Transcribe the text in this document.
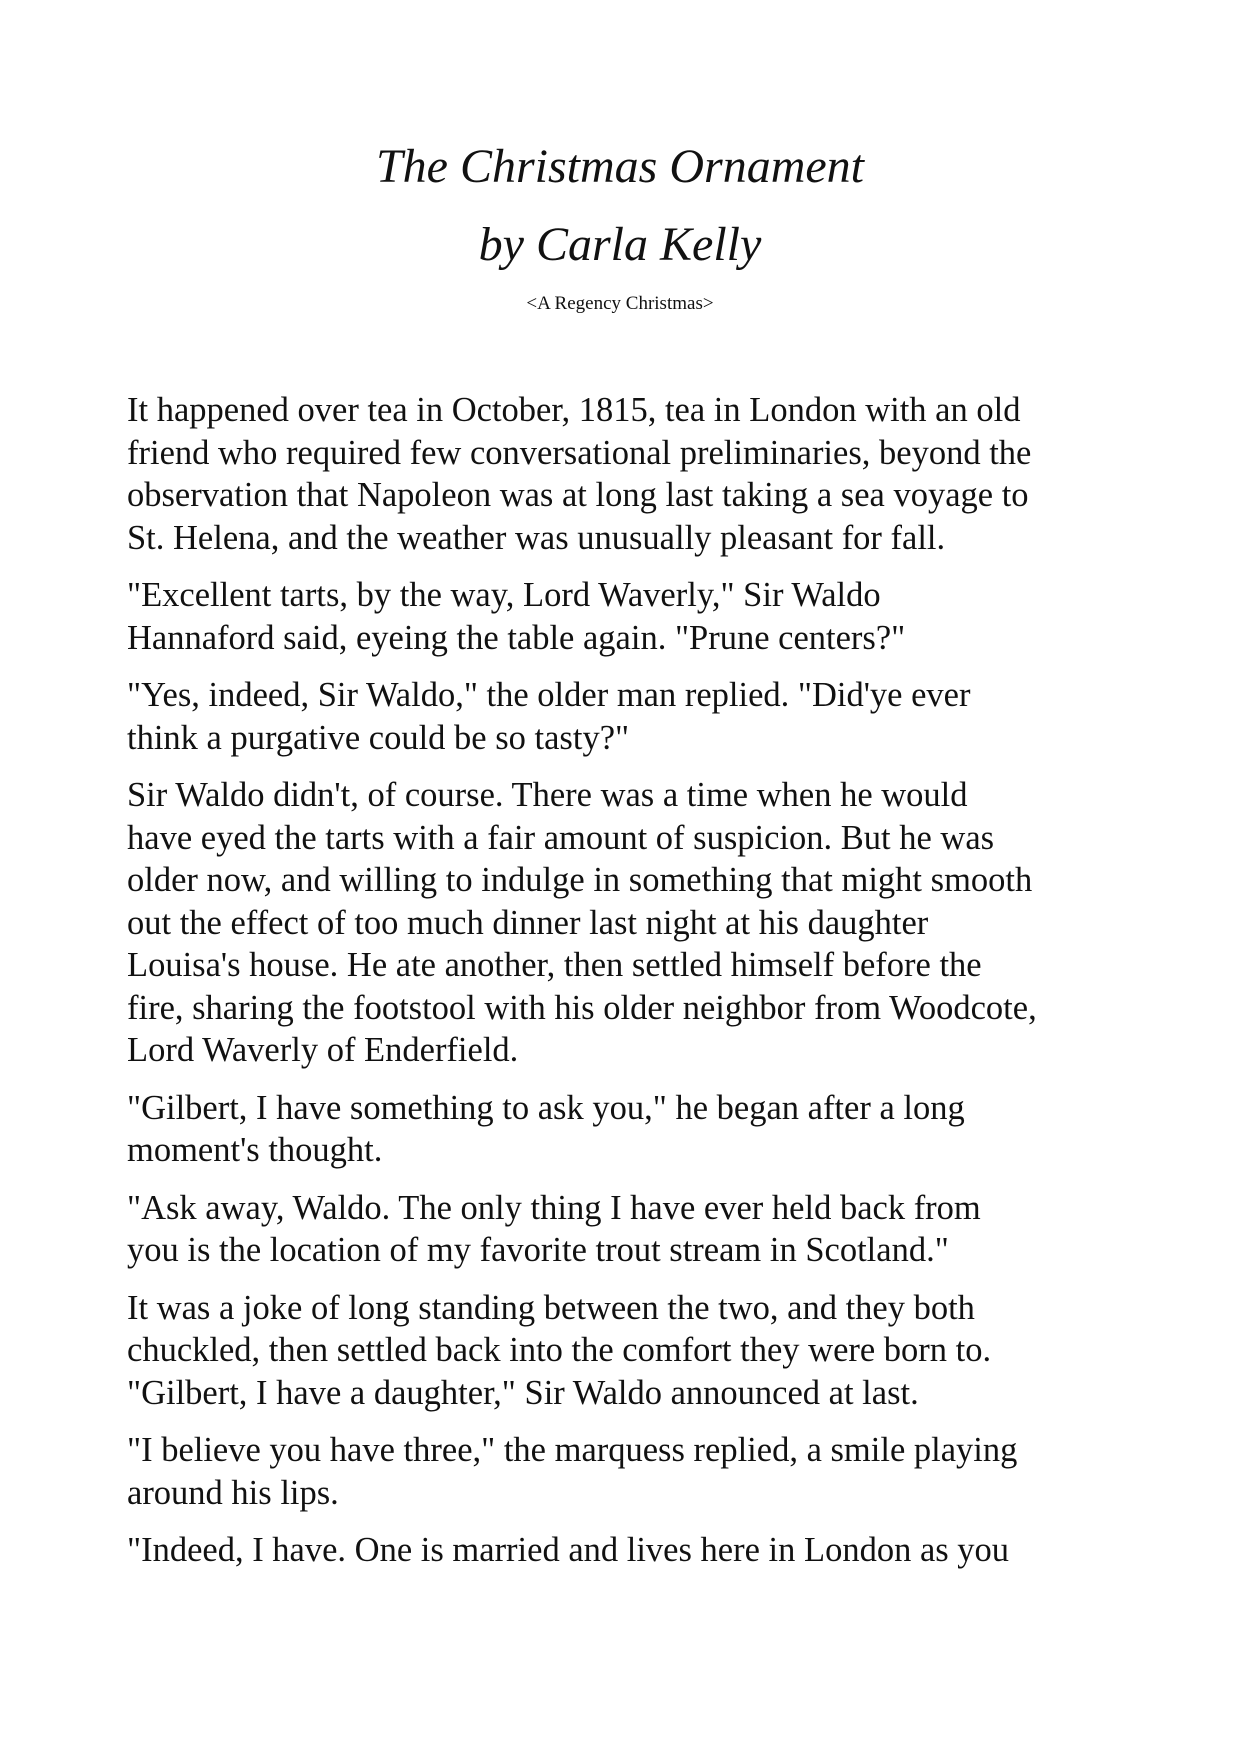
The Christmas Ornament
by Carla Kelly
<A Regency Christmas>

It happened over tea in October, 1815, tea in London with an old
friend who required few conversational preliminaries, beyond the
observation that Napoleon was at long last taking a sea voyage to
St. Helena, and the weather was unusually pleasant for fall.

"Excellent tarts, by the way, Lord Waverly," Sir Waldo
Hannaford said, eyeing the table again. "Prune centers?"

"Yes, indeed, Sir Waldo," the older man replied. "Did'ye ever
think a purgative could be so tasty?"

Sir Waldo didn't, of course. There was a time when he would
have eyed the tarts with a fair amount of suspicion. But he was
older now, and willing to indulge in something that might smooth
out the effect of too much dinner last night at his daughter
Louisa's house. He ate another, then settled himself before the
fire, sharing the footstool with his older neighbor from Woodcote,
Lord Waverly of Enderfield.

"Gilbert, I have something to ask you," he began after a long
moment's thought.

"Ask away, Waldo. The only thing I have ever held back from
you is the location of my favorite trout stream in Scotland."

It was a joke of long standing between the two, and they both
chuckled, then settled back into the comfort they were born to.
"Gilbert, I have a daughter," Sir Waldo announced at last.

"I believe you have three," the marquess replied, a smile playing
around his lips.

"Indeed, I have. One is married and lives here in London as you
